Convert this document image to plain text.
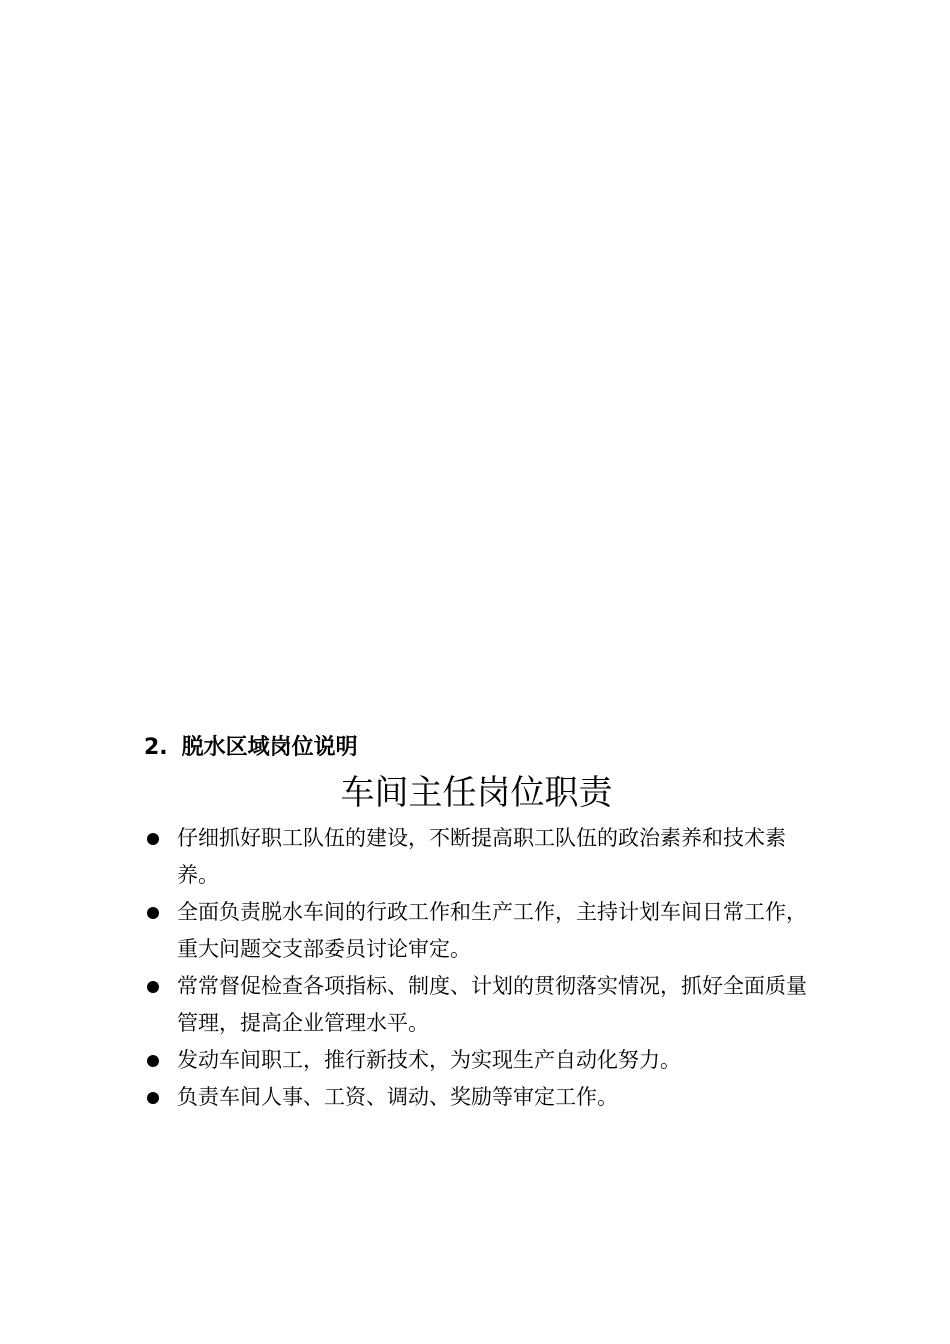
2. 脱水区域岗位说明
车间主任岗位职责
仔细抓好职工队伍的建设，不断提高职工队伍的政治素养和技术素养。
全面负责脱水车间的行政工作和生产工作，主持计划车间日常工作，重大问题交支部委员讨论审定。
常常督促检查各项指标、制度、计划的贯彻落实情况，抓好全面质量管理，提高企业管理水平。
发动车间职工，推行新技术，为实现生产自动化努力。
负责车间人事、工资、调动、奖励等审定工作。
